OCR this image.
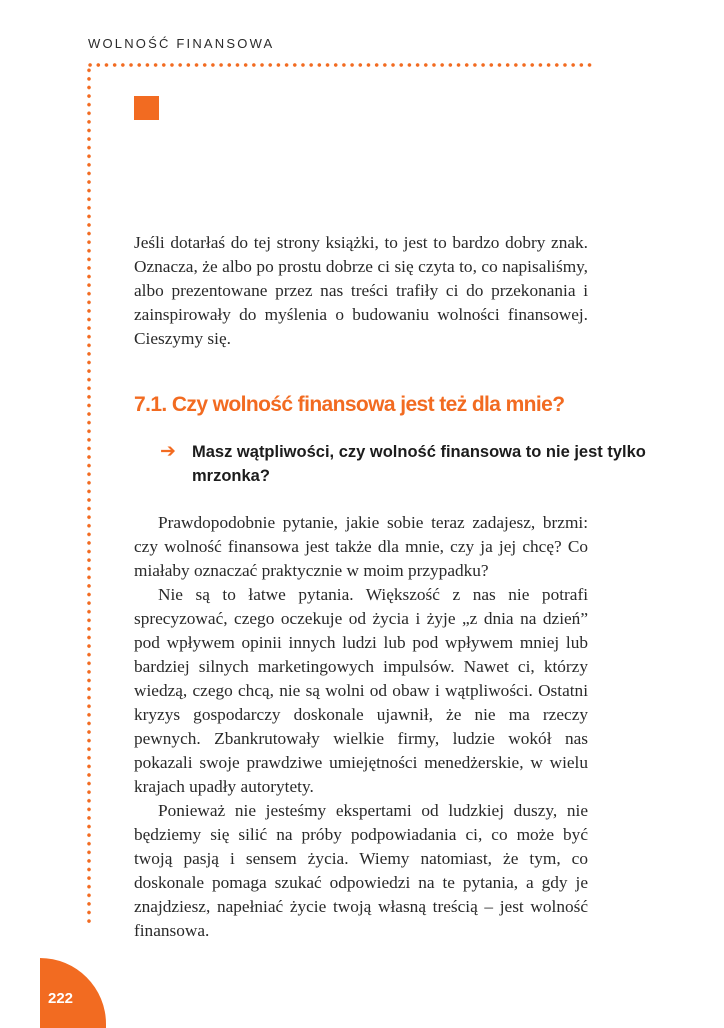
WOLNOŚĆ FINANSOWA

Jeśli dotarłaś do tej strony książki, to jest to bardzo dobry znak. Oznacza, że albo po prostu dobrze ci się czyta to, co napisaliśmy, albo prezentowane przez nas treści trafiły ci do przekonania i zainspirowały do myślenia o budowaniu wolności finansowej. Cieszymy się.

7.1. Czy wolność finansowa jest też dla mnie?
➔ Masz wątpliwości, czy wolność finansowa to nie jest tylko mrzonka?

Prawdopodobnie pytanie, jakie sobie teraz zadajesz, brzmi: czy wolność finansowa jest także dla mnie, czy ja jej chcę? Co miałaby oznaczać praktycznie w moim przypadku?

Nie są to łatwe pytania. Większość z nas nie potrafi sprecyzować, czego oczekuje od życia i żyje „z dnia na dzień” pod wpływem opinii innych ludzi lub pod wpływem mniej lub bardziej silnych marketingowych impulsów. Nawet ci, którzy wiedzą, czego chcą, nie są wolni od obaw i wątpliwości. Ostatni kryzys gospodarczy doskonale ujawnił, że nie ma rzeczy pewnych. Zbankrutowały wielkie firmy, ludzie wokół nas pokazali swoje prawdziwe umiejętności menedżerskie, w wielu krajach upadły autorytety.

Ponieważ nie jesteśmy ekspertami od ludzkiej duszy, nie będziemy się silić na próby podpowiadania ci, co może być twoją pasją i sensem życia. Wiemy natomiast, że tym, co doskonale pomaga szukać odpowiedzi na te pytania, a gdy je znajdziesz, napełniać życie twoją własną treścią – jest wolność finansowa.

222
